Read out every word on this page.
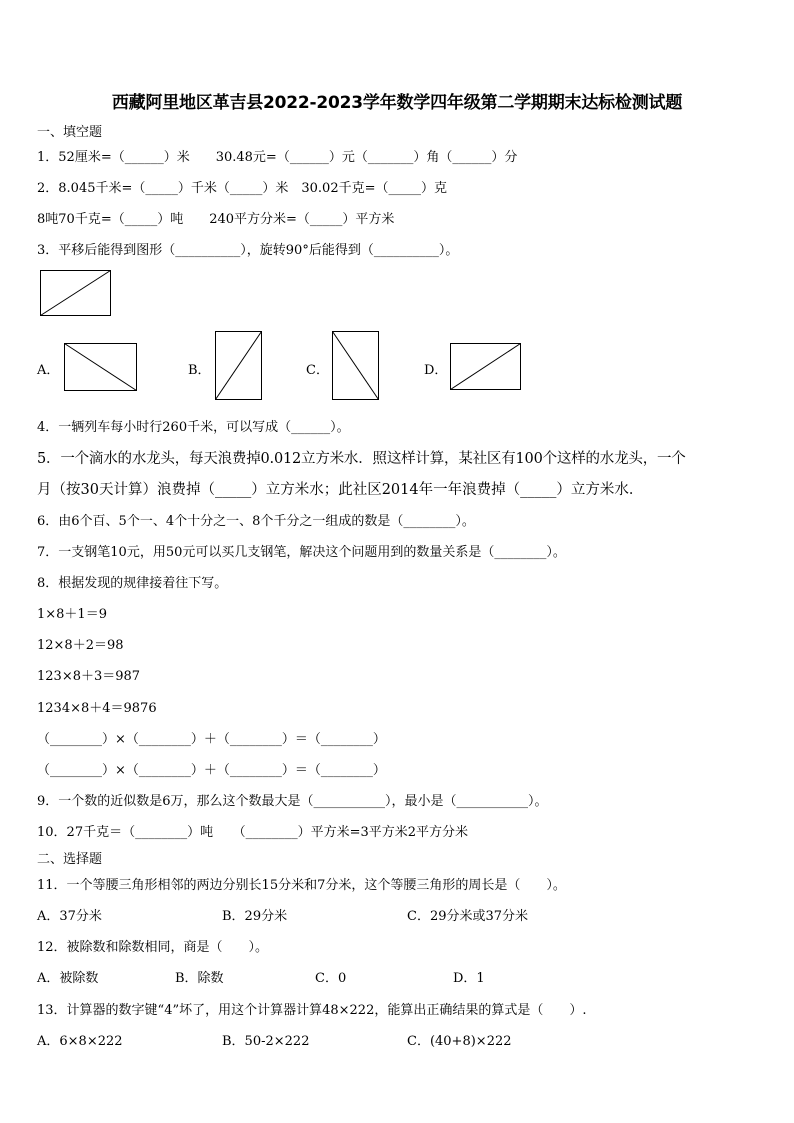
西藏阿里地区革吉县2022-2023学年数学四年级第二学期期末达标检测试题
一、填空题
1．52厘米=（______）米　　30.48元=（______）元（_______）角（______）分
2．8.045千米=（_____）千米（_____）米　30.02千克=（_____）克
8吨70千克=（_____）吨　　240平方分米=（_____）平方米
3．平移后能得到图形（__________），旋转90°后能得到（__________）。
A．	B．	C．	D．
4．一辆列车每小时行260千米，可以写成（______）。
5．一个滴水的水龙头，每天浪费掉0.012立方米水．照这样计算，某社区有100个这样的水龙头，一个
月（按30天计算）浪费掉（_____）立方米水；此社区2014年一年浪费掉（_____）立方米水．
6．由6个百、5个一、4个十分之一、8个千分之一组成的数是（________）。
7．一支钢笔10元，用50元可以买几支钢笔，解决这个问题用到的数量关系是（________）。
8．根据发现的规律接着往下写。
1×8＋1＝9
12×8＋2＝98
123×8＋3＝987
1234×8＋4＝9876
（________）×（________）＋（________）＝（________）
（________）×（________）＋（________）＝（________）
9．一个数的近似数是6万，那么这个数最大是（___________），最小是（___________）。
10．27千克＝（________）吨　　（________）平方米=3平方米2平方分米
二、选择题
11．一个等腰三角形相邻的两边分别长15分米和7分米，这个等腰三角形的周长是（　　）。
A．37分米	B．29分米	C．29分米或37分米
12．被除数和除数相同，商是（　　）。
A．被除数	B．除数	C．0	D．1
13．计算器的数字键“4”坏了，用这个计算器计算48×222，能算出正确结果的算式是（　　）.
A．6×8×222	B．50-2×222	C．(40+8)×222
